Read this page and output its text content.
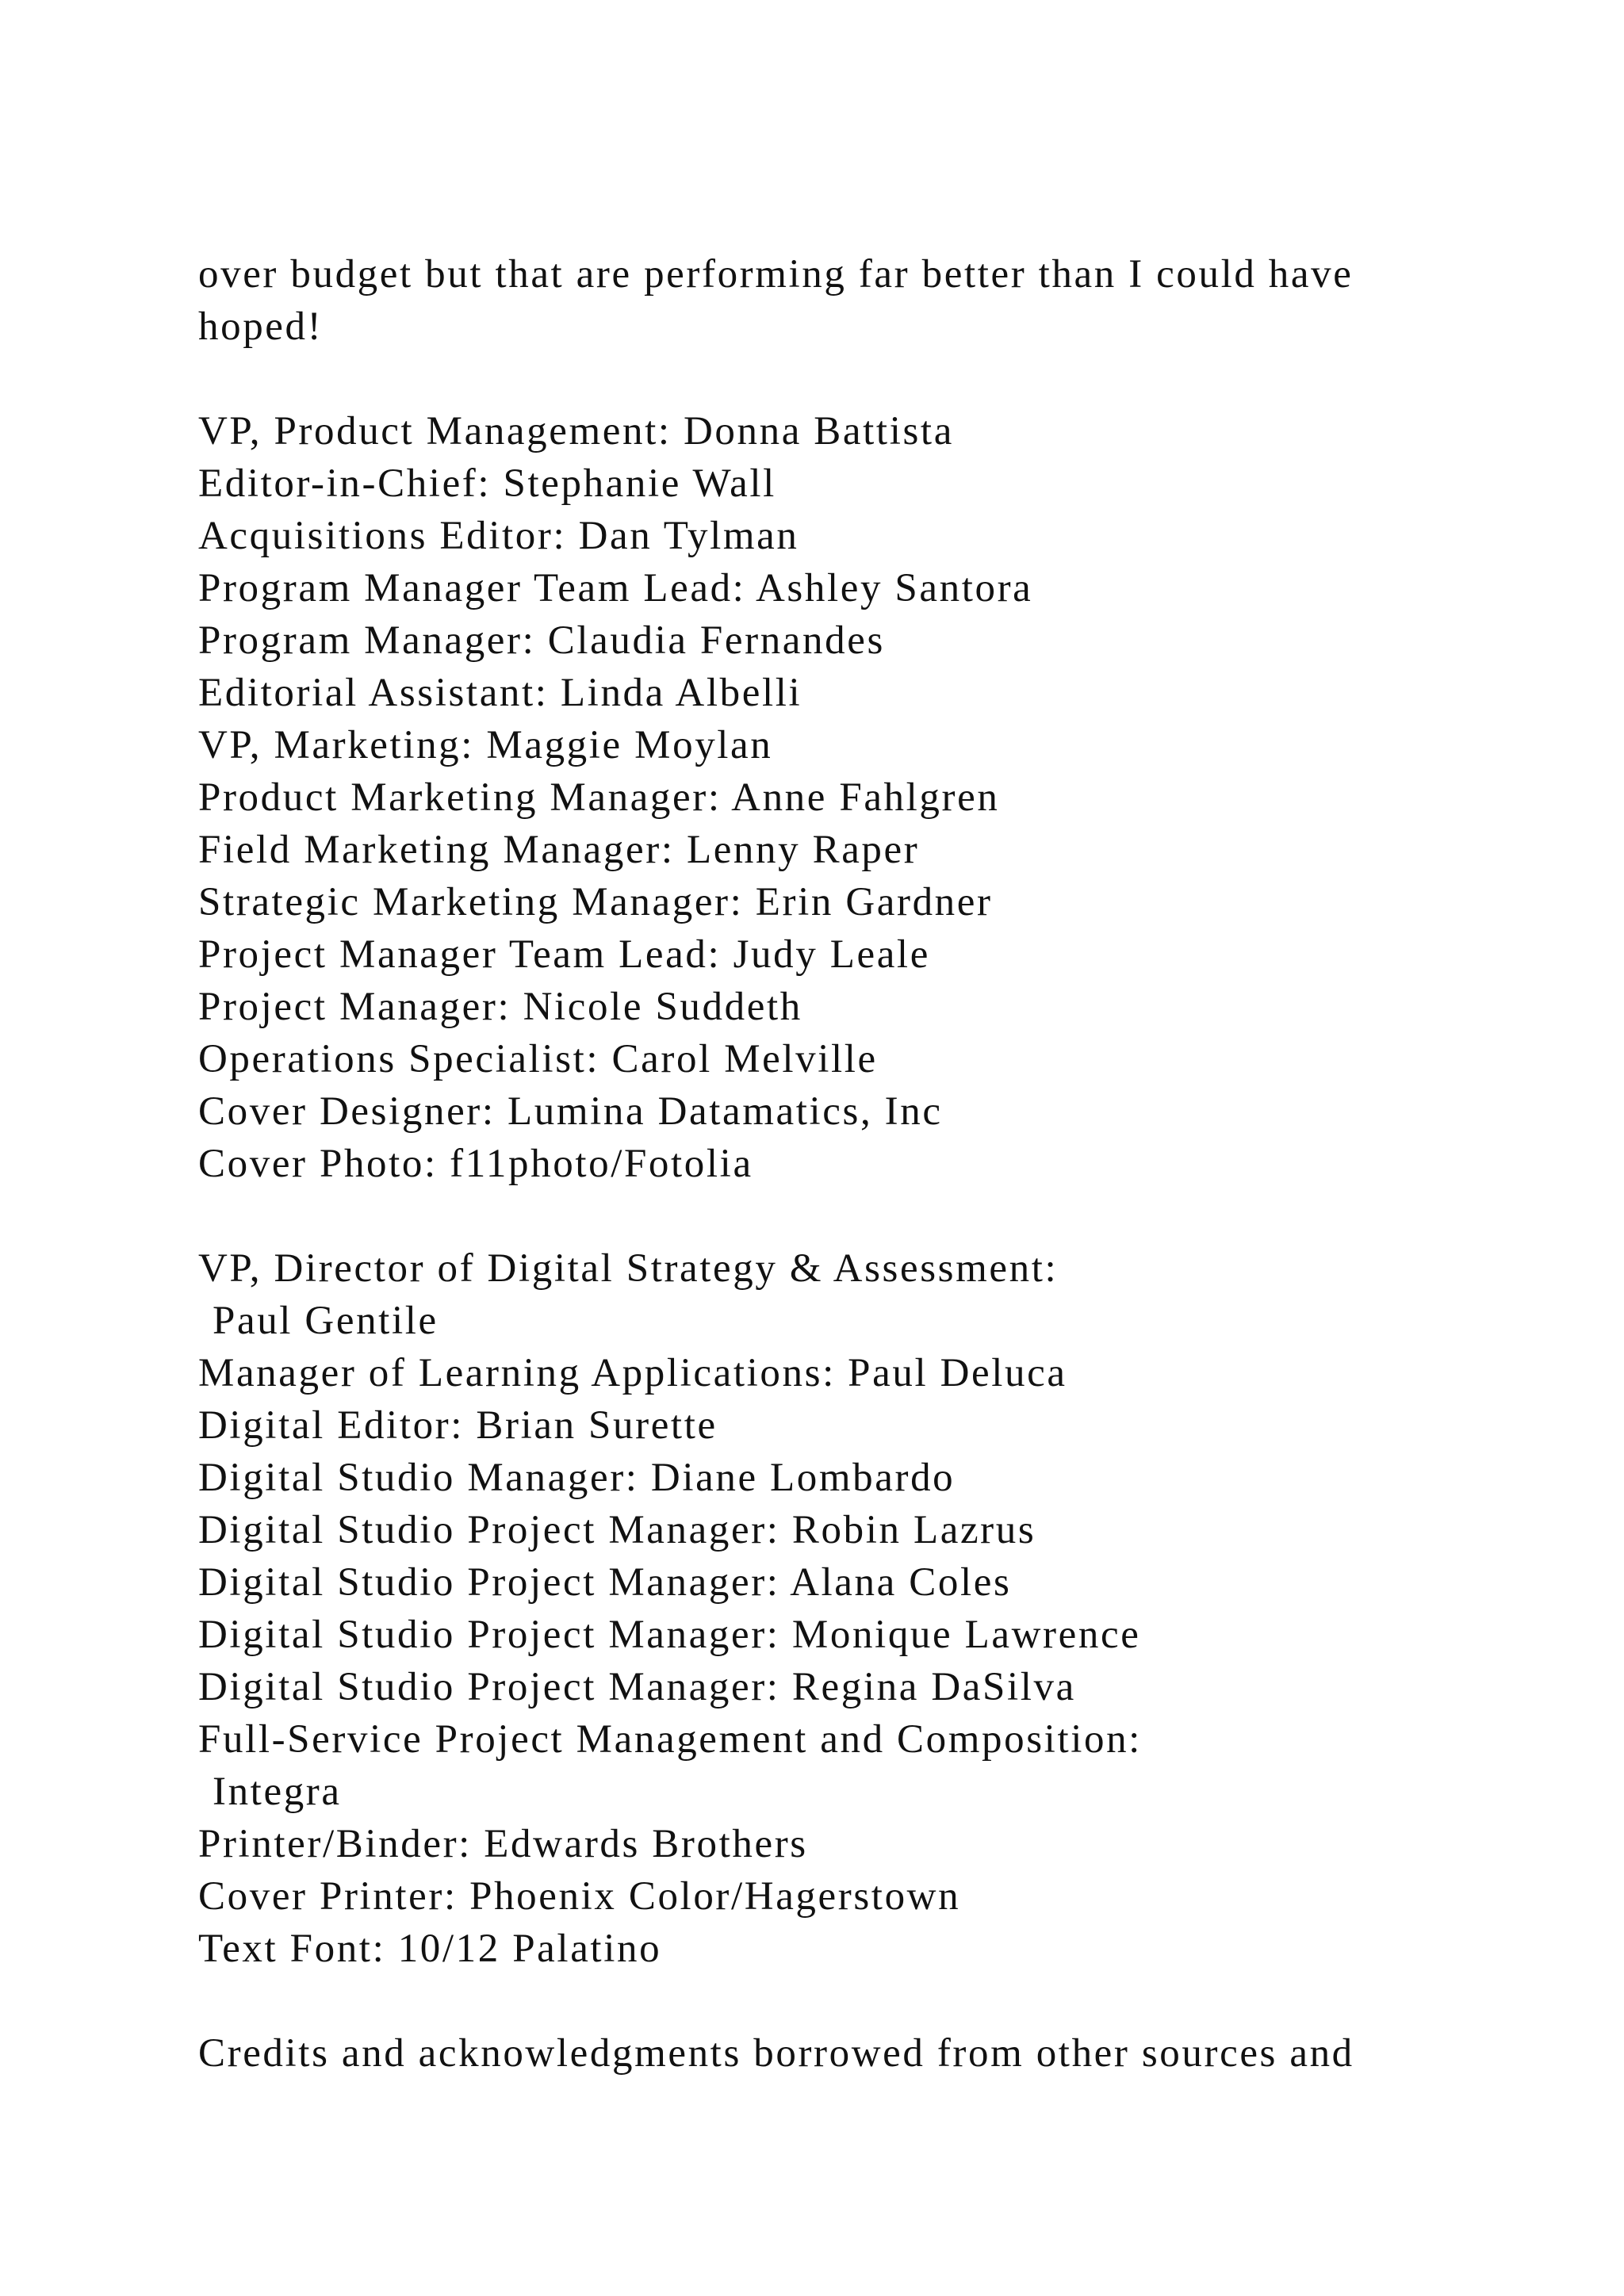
over budget but that are performing far better than I could have
hoped!
VP, Product Management: Donna Battista
Editor-in-Chief: Stephanie Wall
Acquisitions Editor: Dan Tylman
Program Manager Team Lead: Ashley Santora
Program Manager: Claudia Fernandes
Editorial Assistant: Linda Albelli
VP, Marketing: Maggie Moylan
Product Marketing Manager: Anne Fahlgren
Field Marketing Manager: Lenny Raper
Strategic Marketing Manager: Erin Gardner
Project Manager Team Lead: Judy Leale
Project Manager: Nicole Suddeth
Operations Specialist: Carol Melville
Cover Designer: Lumina Datamatics, Inc
Cover Photo: f11photo/Fotolia
VP, Director of Digital Strategy & Assessment:
Paul Gentile
Manager of Learning Applications: Paul Deluca
Digital Editor: Brian Surette
Digital Studio Manager: Diane Lombardo
Digital Studio Project Manager: Robin Lazrus
Digital Studio Project Manager: Alana Coles
Digital Studio Project Manager: Monique Lawrence
Digital Studio Project Manager: Regina DaSilva
Full-Service Project Management and Composition:
Integra
Printer/Binder: Edwards Brothers
Cover Printer: Phoenix Color/Hagerstown
Text Font: 10/12 Palatino
Credits and acknowledgments borrowed from other sources and
